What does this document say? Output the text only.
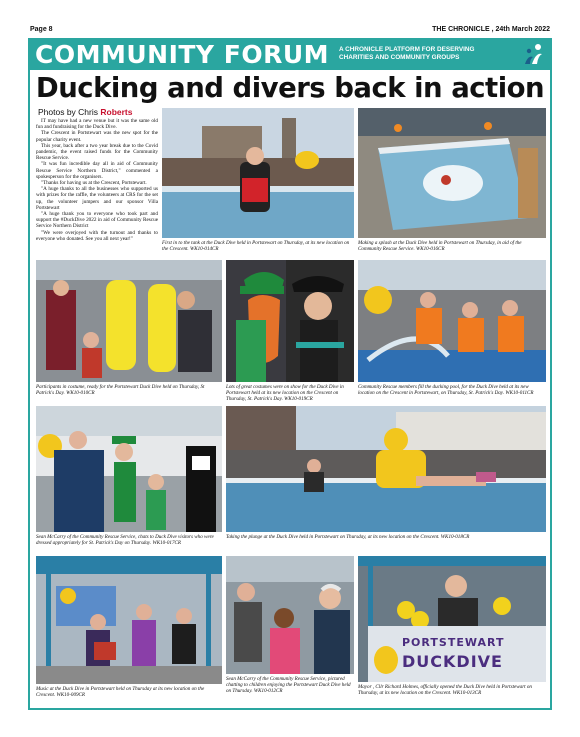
Page 8	THE CHRONICLE , 24th March 2022
COMMUNITY FORUM A CHRONICLE PLATFORM FOR DESERVING CHARITIES AND COMMUNITY GROUPS
Ducking and divers back in action
Photos by Chris Roberts

IT may have had a new venue but it was the same old fun and fundraising for the Duck Dive.

The Crescent in Portstewart was the new spot for the popular charity event.

This year, back after a two year break due to the Covid pandemic, the event raised funds for the Community Rescue Service.

"It was fun incredible day all in aid of Community Rescue Service Northern District," commented a spokesperson for the organisers.

"Thanks for having us at the Crescent, Portstewart.

"A huge thanks to all the businesses who supported us with prizes for the raffle, the volunteers at CRS for the set up, the volunteer jumpers and our sponsor Villa Portstewart

"A huge thank you to everyone who took part and support the #DuckDive 2022 in aid of Community Rescue Service Northern District

"We were overjoyed with the turnout and thanks to everyone who donated. See you all next year!"

First in to the tank at the Duck Dive held in Portstewart on Thursday, at its new location on the Crescent. WK10-014CR
Making a splash at the Duck Dive held in Portstewart on Thursday, in aid of the Community Rescue Service. WK10-016CR
Participants in costume, ready for the Portstewart Duck Dive held on Thursday, St Patrick's Day. WK10-010CR
Lots of great costumes were on show for the Duck Dive in Portstewart held at its new location on the Crescent on Thursday, St. Patrick's Day. WK10-019CR
Community Rescue members fill the ducking pool, for the Duck Dive held at its new location on the Crescent in Portstewart, on Thursday, St. Patrick's Day. WK10-011CR
Sean McCarry of the Community Rescue Service, chats to Duck Dive visitors who were dressed appropriately for St. Patrick's Day on Thursday. WK10-017CR
Taking the plunge at the Duck Dive held in Portstewart on Thursday, at its new location on the Crescent. WK10-018CR
Music at the Duck Dive in Portstewart held on Thursday at its new location on the Crescent. WK10-009CR
Sean McCarry of the Community Rescue Service, pictured chatting to children enjoying the Portstewart Duck Dive held on Thursday. WK10-012CR
PORTSTEWART
DUCKDIVE
Mayor , Cllr Richard Holmes, officially opened the Duck Dive held in Portstewart on Thursday, at its new location on the Crescent. WK10-013CR
